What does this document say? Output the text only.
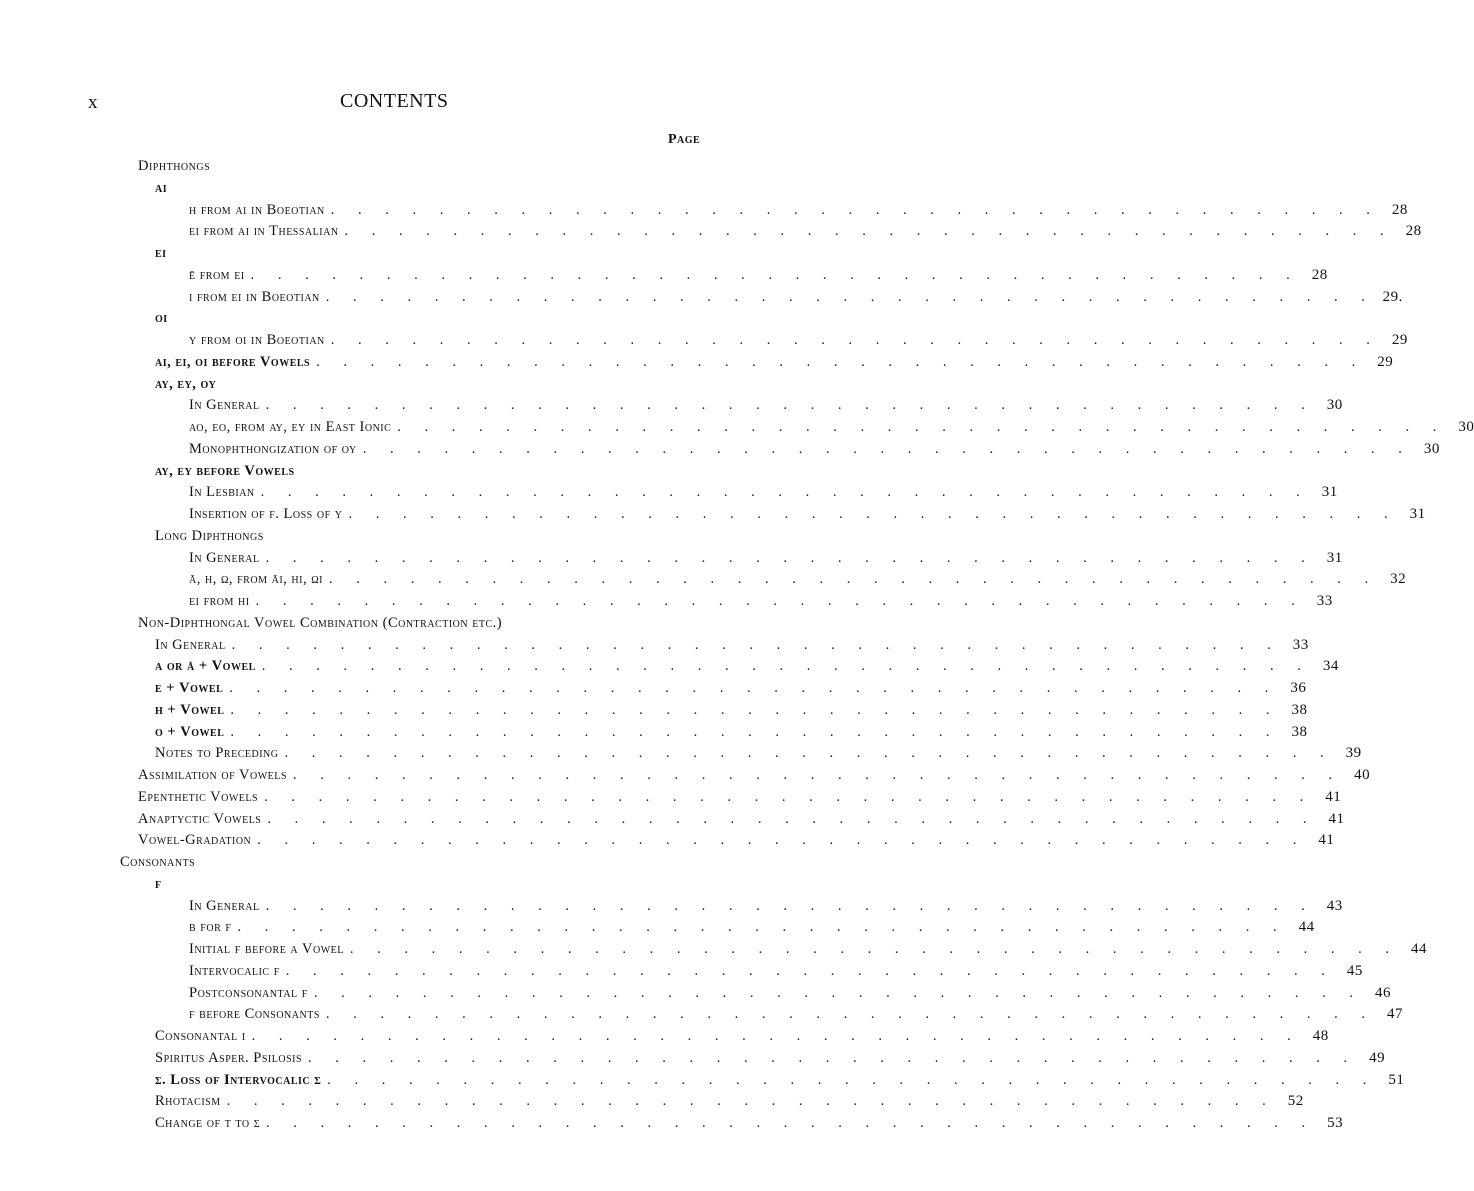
x	CONTENTS
Page
Diphthongs
αι
η from αι in Boeotian . . . . . . . . . . . . . . . . . . . . . . . . . . . . . . . . . . . . . . . 28
ει from αι in Thessalian . . . . . . . . . . . . . . . . . . . . . . . . . . . . . . . . . . . . . . . 28
ει
ē from ει . . . . . . . . . . . . . . . . . . . . . . . . . . . . . . . . . . . . . . . 28
ι from ει in Boeotian . . . . . . . . . . . . . . . . . . . . . . . . . . . . . . . . . . . . . . . 29.
οι
υ from οι in Boeotian . . . . . . . . . . . . . . . . . . . . . . . . . . . . . . . . . . . . . . . 29
αι, ει, οι before Vowels . . . . . . . . . . . . . . . . . . . . . . . . . . . . . . . . . . . . . . . 29
αυ, ευ, ου
In General . . . . . . . . . . . . . . . . . . . . . . . . . . . . . . . . . . . . . . . 30
αο, εο, from αυ, ευ in East Ionic . . . . . . . . . . . . . . . . . . . . . . . . . . . . . . . . . . . . . . . 30
Monophthongization of ου . . . . . . . . . . . . . . . . . . . . . . . . . . . . . . . . . . . . . . . 30
αυ, ευ before Vowels
In Lesbian . . . . . . . . . . . . . . . . . . . . . . . . . . . . . . . . . . . . . . . 31
Insertion of ϝ. Loss of υ . . . . . . . . . . . . . . . . . . . . . . . . . . . . . . . . . . . . . . . 31
Long Diphthongs
In General . . . . . . . . . . . . . . . . . . . . . . . . . . . . . . . . . . . . . . . 31
ᾱ, η, ω, from ᾱι, ηι, ωι . . . . . . . . . . . . . . . . . . . . . . . . . . . . . . . . . . . . . . . 32
ει from ηι . . . . . . . . . . . . . . . . . . . . . . . . . . . . . . . . . . . . . . . 33
Non-Diphthongal Vowel Combination (Contraction etc.)
In General . . . . . . . . . . . . . . . . . . . . . . . . . . . . . . . . . . . . . . . 33
α or ᾱ + Vowel . . . . . . . . . . . . . . . . . . . . . . . . . . . . . . . . . . . . . . . 34
ε + Vowel . . . . . . . . . . . . . . . . . . . . . . . . . . . . . . . . . . . . . . . 36
η + Vowel . . . . . . . . . . . . . . . . . . . . . . . . . . . . . . . . . . . . . . . 38
ο + Vowel . . . . . . . . . . . . . . . . . . . . . . . . . . . . . . . . . . . . . . . 38
Notes to Preceding . . . . . . . . . . . . . . . . . . . . . . . . . . . . . . . . . . . . . . . 39
Assimilation of Vowels . . . . . . . . . . . . . . . . . . . . . . . . . . . . . . . . . . . . . . . 40
Epenthetic Vowels . . . . . . . . . . . . . . . . . . . . . . . . . . . . . . . . . . . . . . . 41
Anaptyctic Vowels . . . . . . . . . . . . . . . . . . . . . . . . . . . . . . . . . . . . . . . 41
Vowel-Gradation . . . . . . . . . . . . . . . . . . . . . . . . . . . . . . . . . . . . . . . 41
Consonants
ϝ
In General . . . . . . . . . . . . . . . . . . . . . . . . . . . . . . . . . . . . . . . 43
β for ϝ . . . . . . . . . . . . . . . . . . . . . . . . . . . . . . . . . . . . . . . 44
Initial ϝ before a Vowel . . . . . . . . . . . . . . . . . . . . . . . . . . . . . . . . . . . . . . . 44
Intervocalic ϝ . . . . . . . . . . . . . . . . . . . . . . . . . . . . . . . . . . . . . . . 45
Postconsonantal ϝ . . . . . . . . . . . . . . . . . . . . . . . . . . . . . . . . . . . . . . . 46
ϝ before Consonants . . . . . . . . . . . . . . . . . . . . . . . . . . . . . . . . . . . . . . . 47
Consonantal ι . . . . . . . . . . . . . . . . . . . . . . . . . . . . . . . . . . . . . . . 48
Spiritus Asper. Psilosis . . . . . . . . . . . . . . . . . . . . . . . . . . . . . . . . . . . . . . . 49
σ. Loss of Intervocalic σ . . . . . . . . . . . . . . . . . . . . . . . . . . . . . . . . . . . . . . . 51
Rhotacism . . . . . . . . . . . . . . . . . . . . . . . . . . . . . . . . . . . . . . . 52
Change of τ to σ . . . . . . . . . . . . . . . . . . . . . . . . . . . . . . . . . . . . . . . 53
